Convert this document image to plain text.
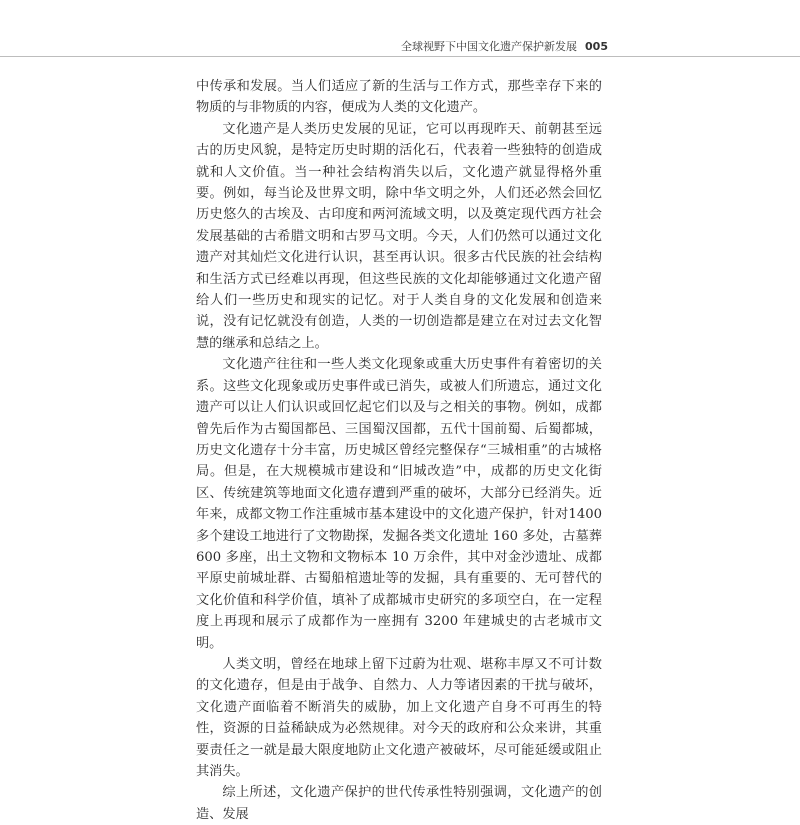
全球视野下中国文化遗产保护新发展 005

中传承和发展。当人们适应了新的生活与工作方式，那些幸存下来的物质的与非物质的内容，便成为人类的文化遗产。

文化遗产是人类历史发展的见证，它可以再现昨天、前朝甚至远古的历史风貌，是特定历史时期的活化石，代表着一些独特的创造成就和人文价值。当一种社会结构消失以后，文化遗产就显得格外重要。例如，每当论及世界文明，除中华文明之外，人们还必然会回忆历史悠久的古埃及、古印度和两河流域文明，以及奠定现代西方社会发展基础的古希腊文明和古罗马文明。今天，人们仍然可以通过文化遗产对其灿烂文化进行认识，甚至再认识。很多古代民族的社会结构和生活方式已经难以再现，但这些民族的文化却能够通过文化遗产留给人们一些历史和现实的记忆。对于人类自身的文化发展和创造来说，没有记忆就没有创造，人类的一切创造都是建立在对过去文化智慧的继承和总结之上。

文化遗产往往和一些人类文化现象或重大历史事件有着密切的关系。这些文化现象或历史事件或已消失，或被人们所遗忘，通过文化遗产可以让人们认识或回忆起它们以及与之相关的事物。例如，成都曾先后作为古蜀国都邑、三国蜀汉国都，五代十国前蜀、后蜀都城，历史文化遗存十分丰富，历史城区曾经完整保存“三城相重”的古城格局。但是，在大规模城市建设和“旧城改造”中，成都的历史文化街区、传统建筑等地面文化遗存遭到严重的破坏，大部分已经消失。近年来，成都文物工作注重城市基本建设中的文化遗产保护，针对1400 多个建设工地进行了文物勘探，发掘各类文化遗址 160 多处，古墓葬 600 多座，出土文物和文物标本 10 万余件，其中对金沙遗址、成都平原史前城址群、古蜀船棺遗址等的发掘，具有重要的、无可替代的文化价值和科学价值，填补了成都城市史研究的多项空白，在一定程度上再现和展示了成都作为一座拥有 3200 年建城史的古老城市文明。

人类文明，曾经在地球上留下过蔚为壮观、堪称丰厚又不可计数的文化遗存，但是由于战争、自然力、人力等诸因素的干扰与破坏，文化遗产面临着不断消失的威胁，加上文化遗产自身不可再生的特性，资源的日益稀缺成为必然规律。对今天的政府和公众来讲，其重要责任之一就是最大限度地防止文化遗产被破坏，尽可能延缓或阻止其消失。

综上所述，文化遗产保护的世代传承性特别强调，文化遗产的创造、发展
